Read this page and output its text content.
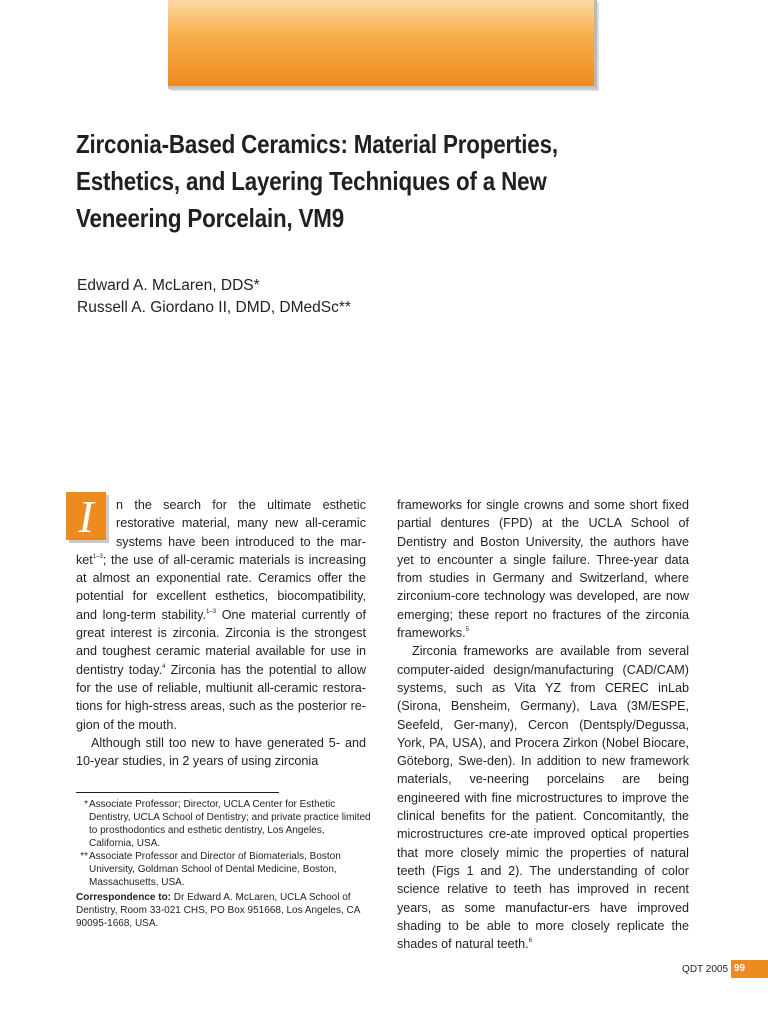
Zirconia-Based Ceramics: Material Properties,
Esthetics, and Layering Techniques of a New
Veneering Porcelain, VM9
Edward A. McLaren, DDS*
Russell A. Giordano II, DMD, DMedSc**

I	n the search for the ultimate esthetic restorative material, many new all-ceramic systems have been introduced to the mar-ket$^{1-3}$; the use of all-ceramic materials is increasing at almost an exponential rate. Ceramics offer the potential for excellent esthetics, biocompatibility, and long-term stability.$^{1-3}$ One material currently of great interest is zirconia. Zirconia is the strongest and toughest ceramic material available for use in dentistry today.$^4$ Zirconia has the potential to allow for the use of reliable, multiunit all-ceramic restora-tions for high-stress areas, such as the posterior re-gion of the mouth.

Although still too new to have generated 5- and 10-year studies, in 2 years of using zirconia

frameworks for single crowns and some short fixed partial dentures (FPD) at the UCLA School of Dentistry and Boston University, the authors have yet to encounter a single failure. Three-year data from studies in Germany and Switzerland, where zirconium-core technology was developed, are now emerging; these report no fractures of the zirconia frameworks.$^5$

Zirconia frameworks are available from several computer-aided design/manufacturing (CAD/CAM) systems, such as Vita YZ from CEREC inLab (Sirona, Bensheim, Germany), Lava (3M/ESPE, Seefeld, Ger-many), Cercon (Dentsply/Degussa, York, PA, USA), and Procera Zirkon (Nobel Biocare, Göteborg, Swe-den). In addition to new framework materials, ve-neering porcelains are being engineered with fine microstructures to improve the clinical benefits for the patient. Concomitantly, the microstructures cre-ate improved optical properties that more closely mimic the properties of natural teeth (Figs 1 and 2). The understanding of color science relative to teeth has improved in recent years, as some manufactur-ers have improved shading to be able to more closely replicate the shades of natural teeth.$^6$

* Associate Professor; Director, UCLA Center for Esthetic Dentistry, UCLA School of Dentistry; and private practice limited to prosthodontics and esthetic dentistry, Los Angeles, California, USA.
** Associate Professor and Director of Biomaterials, Boston University, Goldman School of Dental Medicine, Boston, Massachusetts, USA.
Correspondence to: Dr Edward A. McLaren, UCLA School of Dentistry, Room 33-021 CHS, PO Box 951668, Los Angeles, CA 90095-1668, USA.
QDT 2005 99
